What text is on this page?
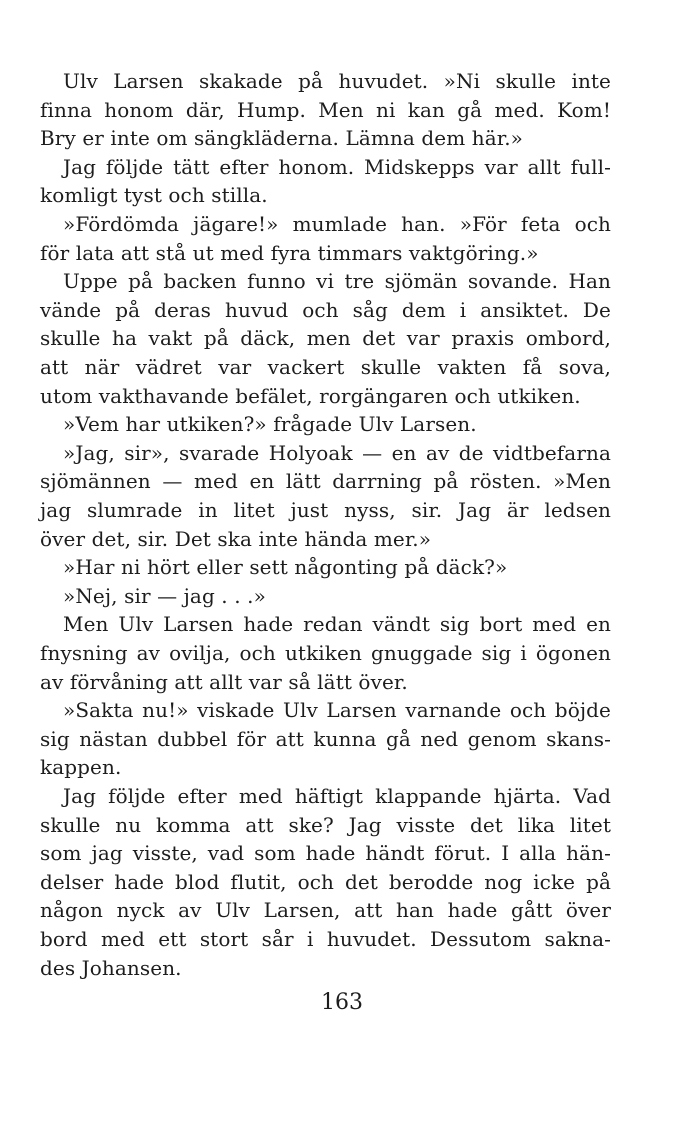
Ulv Larsen skakade på huvudet. »Ni skulle inte
finna honom där, Hump. Men ni kan gå med. Kom!
Bry er inte om sängkläderna. Lämna dem här.»
Jag följde tätt efter honom. Midskepps var allt full-
komligt tyst och stilla.
»Fördömda jägare!» mumlade han. »För feta och
för lata att stå ut med fyra timmars vaktgöring.»
Uppe på backen funno vi tre sjömän sovande. Han
vände på deras huvud och såg dem i ansiktet. De
skulle ha vakt på däck, men det var praxis ombord,
att när vädret var vackert skulle vakten få sova,
utom vakthavande befälet, rorgängaren och utkiken.
»Vem har utkiken?» frågade Ulv Larsen.
»Jag, sir», svarade Holyoak — en av de vidtbefarna
sjömännen — med en lätt darrning på rösten. »Men
jag slumrade in litet just nyss, sir. Jag är ledsen
över det, sir. Det ska inte hända mer.»
»Har ni hört eller sett någonting på däck?»
»Nej, sir — jag . . .»
Men Ulv Larsen hade redan vändt sig bort med en
fnysning av ovilja, och utkiken gnuggade sig i ögonen
av förvåning att allt var så lätt över.
»Sakta nu!» viskade Ulv Larsen varnande och böjde
sig nästan dubbel för att kunna gå ned genom skans-
kappen.
Jag följde efter med häftigt klappande hjärta. Vad
skulle nu komma att ske? Jag visste det lika litet
som jag visste, vad som hade händt förut. I alla hän-
delser hade blod flutit, och det berodde nog icke på
någon nyck av Ulv Larsen, att han hade gått över
bord med ett stort sår i huvudet. Dessutom sakna-
des Johansen.
163
